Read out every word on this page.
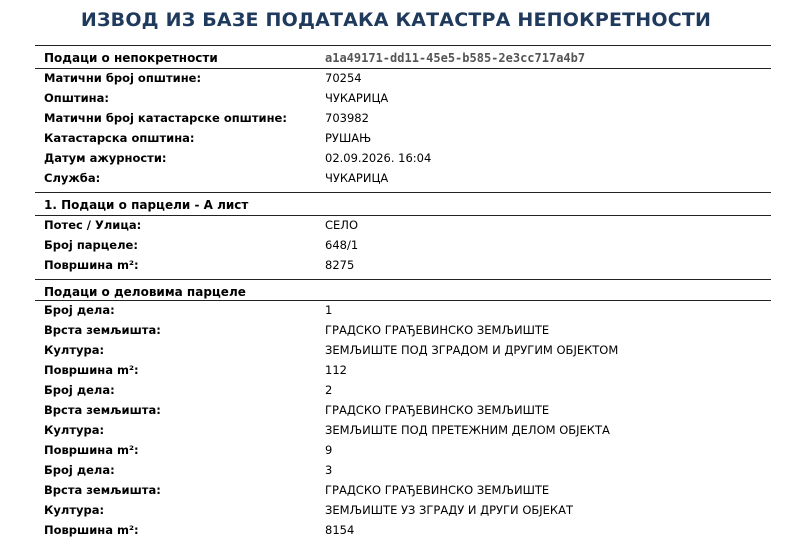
ИЗВОД ИЗ БАЗЕ ПОДАТАКА КАТАСТРА НЕПОКРЕТНОСТИ
Подаци о непокретности	a1a49171-dd11-45e5-b585-2e3cc717a4b7
Матични број општине:	70254
Општина:	ЧУКАРИЦА
Матични број катастарске општине:	703982
Катастарска општина:	РУШАЊ
Датум ажурности:	02.09.2026. 16:04
Служба:	ЧУКАРИЦА
1. Подаци о парцели - А лист
Потес / Улица:	СЕЛО
Број парцеле:	648/1
Површина m²:	8275
Подаци о деловима парцеле
Број дела:	1
Врста земљишта:	ГРАДСКО ГРАЂЕВИНСКО ЗЕМЉИШТЕ
Култура:	ЗЕМЉИШТЕ ПОД ЗГРАДОМ И ДРУГИМ ОБЈЕКТОМ
Површина m²:	112
Број дела:	2
Врста земљишта:	ГРАДСКО ГРАЂЕВИНСКО ЗЕМЉИШТЕ
Култура:	ЗЕМЉИШТЕ ПОД ПРЕТЕЖНИМ ДЕЛОМ ОБЈЕКТА
Површина m²:	9
Број дела:	3
Врста земљишта:	ГРАДСКО ГРАЂЕВИНСКО ЗЕМЉИШТЕ
Култура:	ЗЕМЉИШТЕ УЗ ЗГРАДУ И ДРУГИ ОБЈЕКАТ
Површина m²:	8154
